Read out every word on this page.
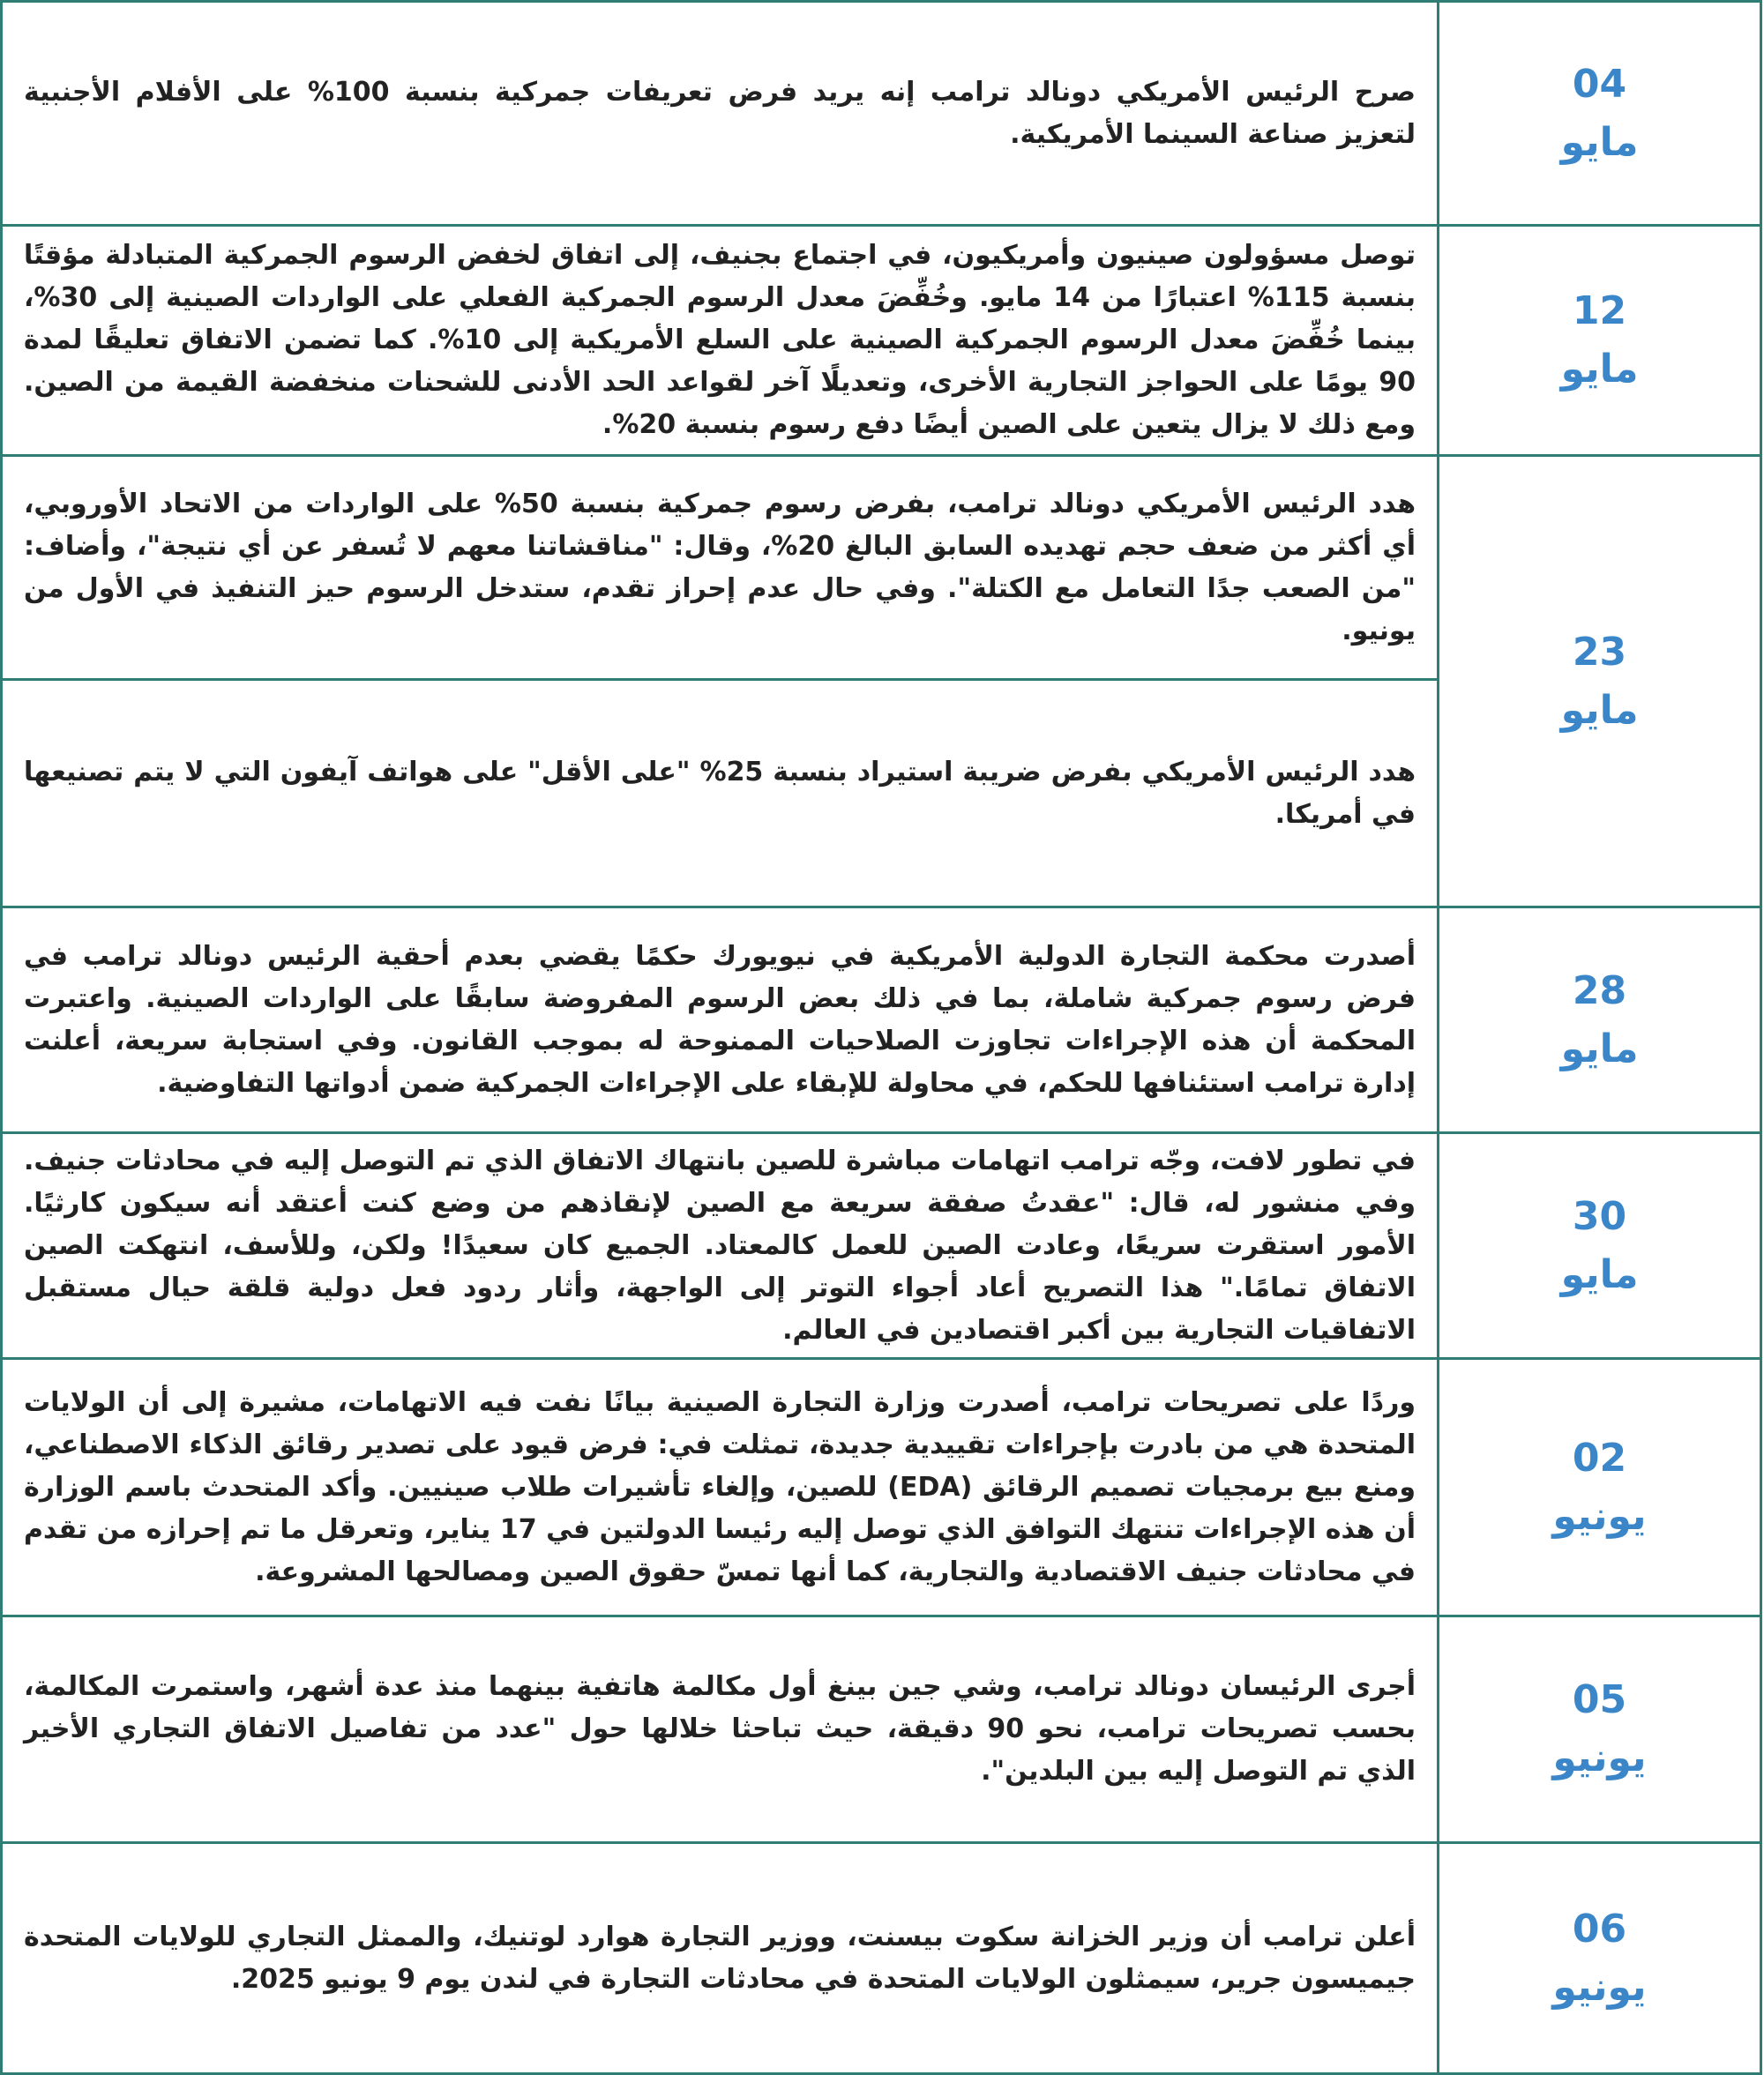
04
مايو	صرح الرئيس الأمريكي دونالد ترامب إنه يريد فرض تعريفات جمركية بنسبة 100% على الأفلام الأجنبية لتعزيز صناعة السينما الأمريكية.

12
مايو	توصل مسؤولون صينيون وأمريكيون، في اجتماع بجنيف، إلى اتفاق لخفض الرسوم الجمركية المتبادلة مؤقتًا بنسبة 115% اعتبارًا من 14 مايو. وخُفِّضَ معدل الرسوم الجمركية الفعلي على الواردات الصينية إلى 30%، بينما خُفِّضَ معدل الرسوم الجمركية الصينية على السلع الأمريكية إلى 10%. كما تضمن الاتفاق تعليقًا لمدة 90 يومًا على الحواجز التجارية الأخرى، وتعديلًا آخر لقواعد الحد الأدنى للشحنات منخفضة القيمة من الصين. ومع ذلك لا يزال يتعين على الصين أيضًا دفع رسوم بنسبة 20%.

23
مايو	هدد الرئيس الأمريكي دونالد ترامب، بفرض رسوم جمركية بنسبة 50% على الواردات من الاتحاد الأوروبي، أي أكثر من ضعف حجم تهديده السابق البالغ 20%، وقال: "مناقشاتنا معهم لا تُسفر عن أي نتيجة"، وأضاف: "من الصعب جدًا التعامل مع الكتلة". وفي حال عدم إحراز تقدم، ستدخل الرسوم حيز التنفيذ في الأول من يونيو.
	هدد الرئيس الأمريكي بفرض ضريبة استيراد بنسبة 25% "على الأقل" على هواتف آيفون التي لا يتم تصنيعها في أمريكا.

28
مايو	أصدرت محكمة التجارة الدولية الأمريكية في نيويورك حكمًا يقضي بعدم أحقية الرئيس دونالد ترامب في فرض رسوم جمركية شاملة، بما في ذلك بعض الرسوم المفروضة سابقًا على الواردات الصينية. واعتبرت المحكمة أن هذه الإجراءات تجاوزت الصلاحيات الممنوحة له بموجب القانون. وفي استجابة سريعة، أعلنت إدارة ترامب استئنافها للحكم، في محاولة للإبقاء على الإجراءات الجمركية ضمن أدواتها التفاوضية.

30
مايو	في تطور لافت، وجّه ترامب اتهامات مباشرة للصين بانتهاك الاتفاق الذي تم التوصل إليه في محادثات جنيف. وفي منشور له، قال: "عقدتُ صفقة سريعة مع الصين لإنقاذهم من وضع كنت أعتقد أنه سيكون كارثيًا. الأمور استقرت سريعًا، وعادت الصين للعمل كالمعتاد. الجميع كان سعيدًا! ولكن، وللأسف، انتهكت الصين الاتفاق تمامًا." هذا التصريح أعاد أجواء التوتر إلى الواجهة، وأثار ردود فعل دولية قلقة حيال مستقبل الاتفاقيات التجارية بين أكبر اقتصادين في العالم.

02
يونيو	وردًا على تصريحات ترامب، أصدرت وزارة التجارة الصينية بيانًا نفت فيه الاتهامات، مشيرة إلى أن الولايات المتحدة هي من بادرت بإجراءات تقييدية جديدة، تمثلت في: فرض قيود على تصدير رقائق الذكاء الاصطناعي، ومنع بيع برمجيات تصميم الرقائق (EDA) للصين، وإلغاء تأشيرات طلاب صينيين. وأكد المتحدث باسم الوزارة أن هذه الإجراءات تنتهك التوافق الذي توصل إليه رئيسا الدولتين في 17 يناير، وتعرقل ما تم إحرازه من تقدم في محادثات جنيف الاقتصادية والتجارية، كما أنها تمسّ حقوق الصين ومصالحها المشروعة.

05
يونيو	أجرى الرئيسان دونالد ترامب، وشي جين بينغ أول مكالمة هاتفية بينهما منذ عدة أشهر، واستمرت المكالمة، بحسب تصريحات ترامب، نحو 90 دقيقة، حيث تباحثا خلالها حول "عدد من تفاصيل الاتفاق التجاري الأخير الذي تم التوصل إليه بين البلدين".

06
يونيو	أعلن ترامب أن وزير الخزانة سكوت بيسنت، ووزير التجارة هوارد لوتنيك، والممثل التجاري للولايات المتحدة جيميسون جرير، سيمثلون الولايات المتحدة في محادثات التجارة في لندن يوم 9 يونيو 2025.
